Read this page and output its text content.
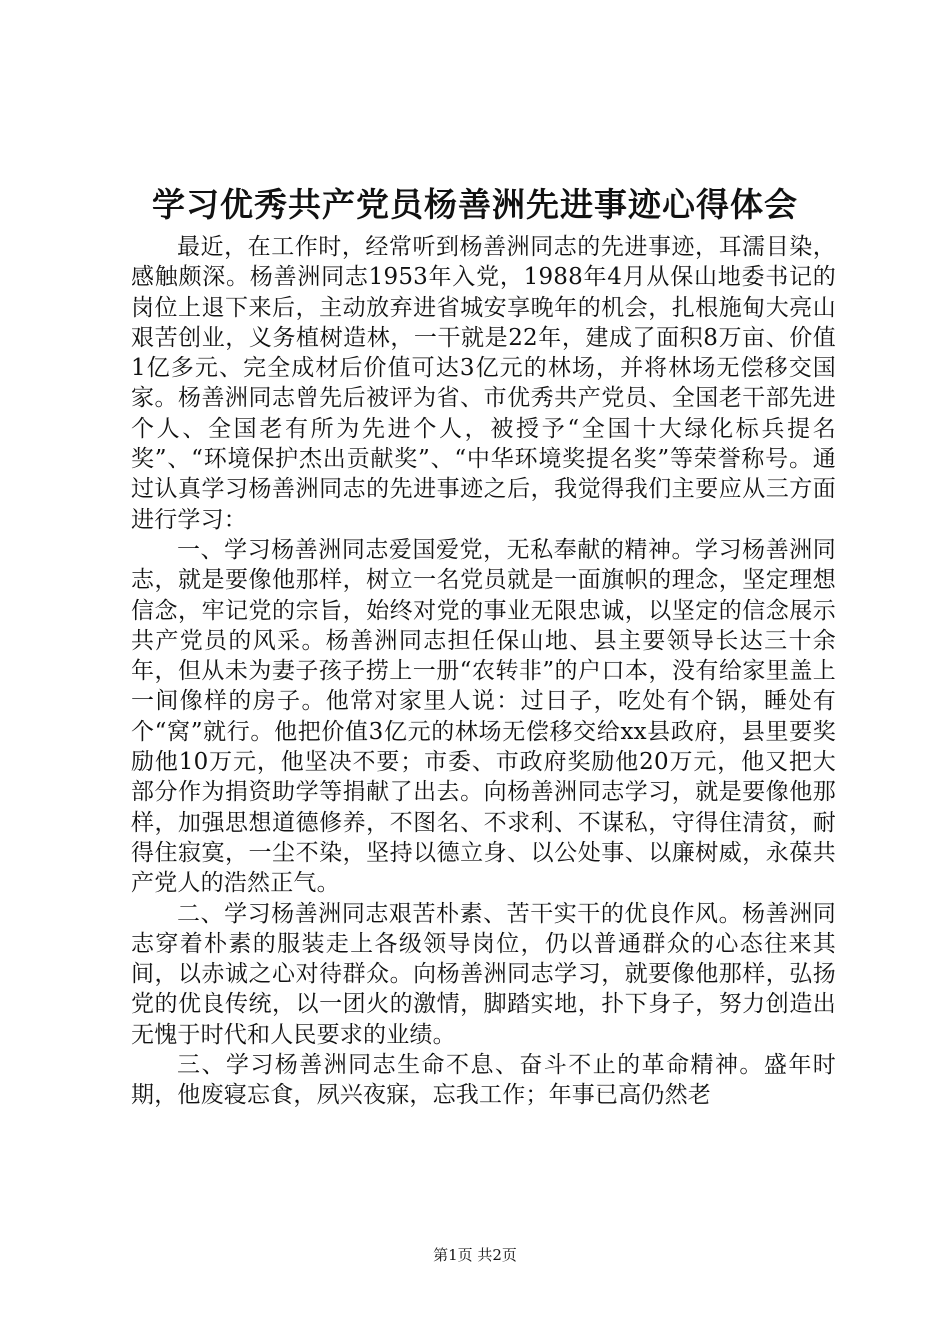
学习优秀共产党员杨善洲先进事迹心得体会

最近，在工作时，经常听到杨善洲同志的先进事迹，耳濡目染，感触颇深。杨善洲同志1953年入党，1988年4月从保山地委书记的岗位上退下来后，主动放弃进省城安享晚年的机会，扎根施甸大亮山艰苦创业，义务植树造林，一干就是22年，建成了面积8万亩、价值1亿多元、完全成材后价值可达3亿元的林场，并将林场无偿移交国家。杨善洲同志曾先后被评为省、市优秀共产党员、全国老干部先进个人、全国老有所为先进个人，被授予“全国十大绿化标兵提名奖”、“环境保护杰出贡献奖”、“中华环境奖提名奖”等荣誉称号。通过认真学习杨善洲同志的先进事迹之后，我觉得我们主要应从三方面进行学习：

一、学习杨善洲同志爱国爱党，无私奉献的精神。学习杨善洲同志，就是要像他那样，树立一名党员就是一面旗帜的理念，坚定理想信念，牢记党的宗旨，始终对党的事业无限忠诚，以坚定的信念展示共产党员的风采。杨善洲同志担任保山地、县主要领导长达三十余年，但从未为妻子孩子捞上一册“农转非”的户口本，没有给家里盖上一间像样的房子。他常对家里人说：过日子，吃处有个锅，睡处有个“窝”就行。他把价值3亿元的林场无偿移交给xx县政府，县里要奖励他10万元，他坚决不要；市委、市政府奖励他20万元，他又把大部分作为捐资助学等捐献了出去。向杨善洲同志学习，就是要像他那样，加强思想道德修养，不图名、不求利、不谋私，守得住清贫，耐得住寂寞，一尘不染，坚持以德立身、以公处事、以廉树威，永葆共产党人的浩然正气。

二、学习杨善洲同志艰苦朴素、苦干实干的优良作风。杨善洲同志穿着朴素的服装走上各级领导岗位，仍以普通群众的心态往来其间，以赤诚之心对待群众。向杨善洲同志学习，就要像他那样，弘扬党的优良传统，以一团火的激情，脚踏实地，扑下身子，努力创造出无愧于时代和人民要求的业绩。

三、学习杨善洲同志生命不息、奋斗不止的革命精神。盛年时期，他废寝忘食，夙兴夜寐，忘我工作；年事已高仍然老

第1页 共2页
